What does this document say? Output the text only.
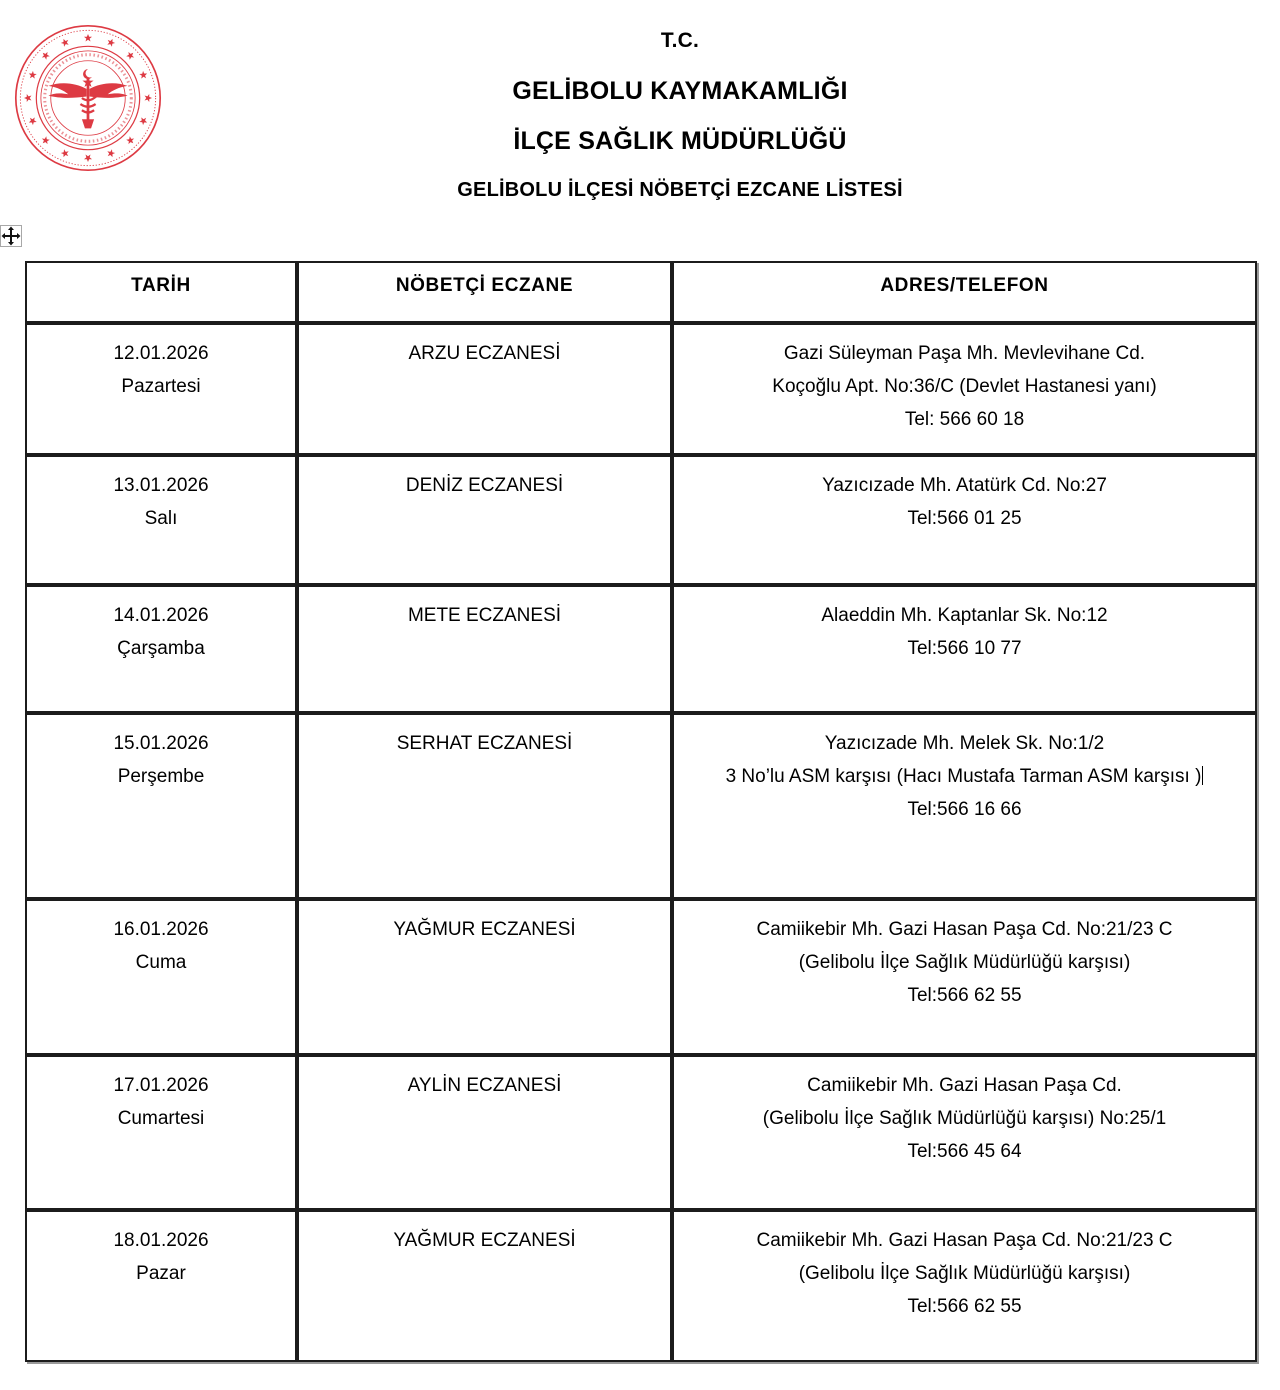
T.C.
GELİBOLU KAYMAKAMLIĞI
İLÇE SAĞLIK MÜDÜRLÜĞÜ
GELİBOLU İLÇESİ NÖBETÇİ EZCANE LİSTESİ
TARİH	NÖBETÇİ ECZANE	ADRES/TELEFON

12.01.2026
Pazartesi	ARZU ECZANESİ	Gazi Süleyman Paşa Mh. Mevlevihane Cd.
Koçoğlu Apt. No:36/C (Devlet Hastanesi yanı)
Tel: 566 60 18

13.01.2026
Salı	DENİZ ECZANESİ	Yazıcızade Mh. Atatürk Cd. No:27
Tel:566 01 25

14.01.2026
Çarşamba	METE ECZANESİ	Alaeddin Mh. Kaptanlar Sk. No:12
Tel:566 10 77

15.01.2026
Perşembe	SERHAT ECZANESİ	Yazıcızade Mh. Melek Sk. No:1/2
3 No’lu ASM karşısı (Hacı Mustafa Tarman ASM karşısı )
Tel:566 16 66

16.01.2026
Cuma	YAĞMUR ECZANESİ	Camiikebir Mh. Gazi Hasan Paşa Cd. No:21/23 C
(Gelibolu İlçe Sağlık Müdürlüğü karşısı)
Tel:566 62 55

17.01.2026
Cumartesi	AYLİN ECZANESİ	Camiikebir Mh. Gazi Hasan Paşa Cd.
(Gelibolu İlçe Sağlık Müdürlüğü karşısı) No:25/1
Tel:566 45 64

18.01.2026
Pazar	YAĞMUR ECZANESİ	Camiikebir Mh. Gazi Hasan Paşa Cd. No:21/23 C
(Gelibolu İlçe Sağlık Müdürlüğü karşısı)
Tel:566 62 55
